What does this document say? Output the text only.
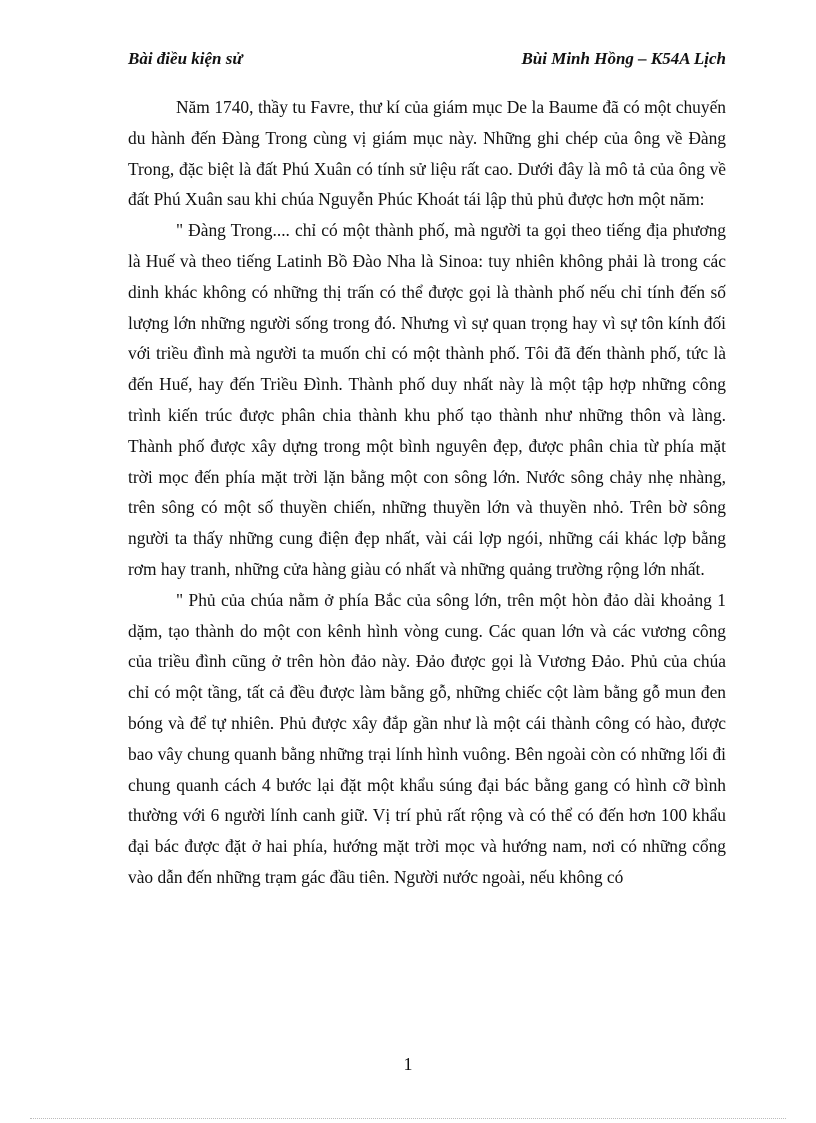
Bài điều kiện sử	Bùi Minh Hồng – K54A Lịch

Năm 1740, thầy tu Favre, thư kí của giám mục De la Baume đã có một chuyến du hành đến Đàng Trong cùng vị giám mục này. Những ghi chép của ông về Đàng Trong, đặc biệt là đất Phú Xuân có tính sử liệu rất cao. Dưới đây là mô tả của ông về đất Phú Xuân sau khi chúa Nguyễn Phúc Khoát tái lập thủ phủ được hơn một năm:

" Đàng Trong.... chỉ có một thành phố, mà người ta gọi theo tiếng địa phương là Huế và theo tiếng Latinh Bồ Đào Nha là Sinoa: tuy nhiên không phải là trong các dinh khác không có những thị trấn có thể được gọi là thành phố nếu chỉ tính đến số lượng lớn những người sống trong đó. Nhưng vì sự quan trọng hay vì sự tôn kính đối với triều đình mà người ta muốn chỉ có một thành phố. Tôi đã đến thành phố, tức là đến Huế, hay đến Triều Đình. Thành phố duy nhất này là một tập hợp những công trình kiến trúc được phân chia thành khu phố tạo thành như những thôn và làng. Thành phố được xây dựng trong một bình nguyên đẹp, được phân chia từ phía mặt trời mọc đến phía mặt trời lặn bằng một con sông lớn. Nước sông chảy nhẹ nhàng, trên sông có một số thuyền chiến, những thuyền lớn và thuyền nhỏ. Trên bờ sông người ta thấy những cung điện đẹp nhất, vài cái lợp ngói, những cái khác lợp bằng rơm hay tranh, những cửa hàng giàu có nhất và những quảng trường rộng lớn nhất.

" Phủ của chúa nằm ở phía Bắc của sông lớn, trên một hòn đảo dài khoảng 1 dặm, tạo thành do một con kênh hình vòng cung. Các quan lớn và các vương công của triều đình cũng ở trên hòn đảo này. Đảo được gọi là Vương Đảo. Phủ của chúa chỉ có một tầng, tất cả đều được làm bằng gỗ, những chiếc cột làm bằng gỗ mun đen bóng và để tự nhiên. Phủ được xây đắp gần như là một cái thành công có hào, được bao vây chung quanh bằng những trại lính hình vuông. Bên ngoài còn có những lối đi chung quanh cách 4 bước lại đặt một khẩu súng đại bác bằng gang có hình cỡ bình thường với 6 người lính canh giữ. Vị trí phủ rất rộng và có thể có đến hơn 100 khẩu đại bác được đặt ở hai phía, hướng mặt trời mọc và hướng nam, nơi có những cổng vào dẫn đến những trạm gác đầu tiên. Người nước ngoài, nếu không có

1
